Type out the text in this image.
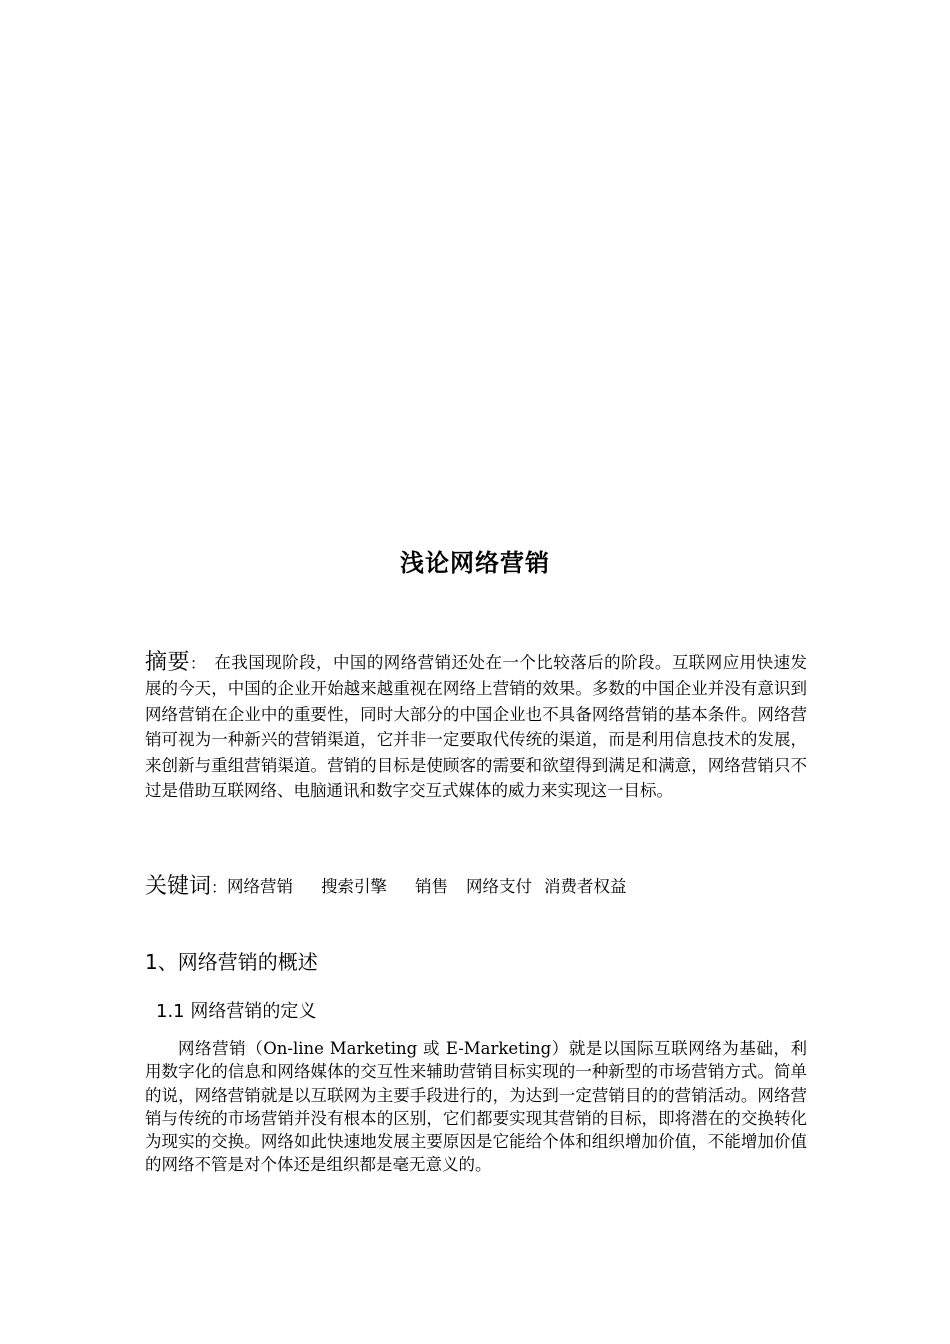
浅论网络营销
摘要： 在我国现阶段，中国的网络营销还处在一个比较落后的阶段。互联网应用快速发展的今天，中国的企业开始越来越重视在网络上营销的效果。多数的中国企业并没有意识到网络营销在企业中的重要性，同时大部分的中国企业也不具备网络营销的基本条件。网络营销可视为一种新兴的营销渠道，它并非一定要取代传统的渠道，而是利用信息技术的发展，来创新与重组营销渠道。营销的目标是使顾客的需要和欲望得到满足和满意，网络营销只不过是借助互联网络、电脑通讯和数字交互式媒体的威力来实现这一目标。
关键词：网络营销 搜索引擎 销售 网络支付 消费者权益
1、网络营销的概述
1.1 网络营销的定义
网络营销（On-line Marketing 或 E-Marketing）就是以国际互联网络为基础，利用数字化的信息和网络媒体的交互性来辅助营销目标实现的一种新型的市场营销方式。简单的说，网络营销就是以互联网为主要手段进行的，为达到一定营销目的的营销活动。网络营销与传统的市场营销并没有根本的区别，它们都要实现其营销的目标，即将潜在的交换转化为现实的交换。网络如此快速地发展主要原因是它能给个体和组织增加价值，不能增加价值的网络不管是对个体还是组织都是毫无意义的。
